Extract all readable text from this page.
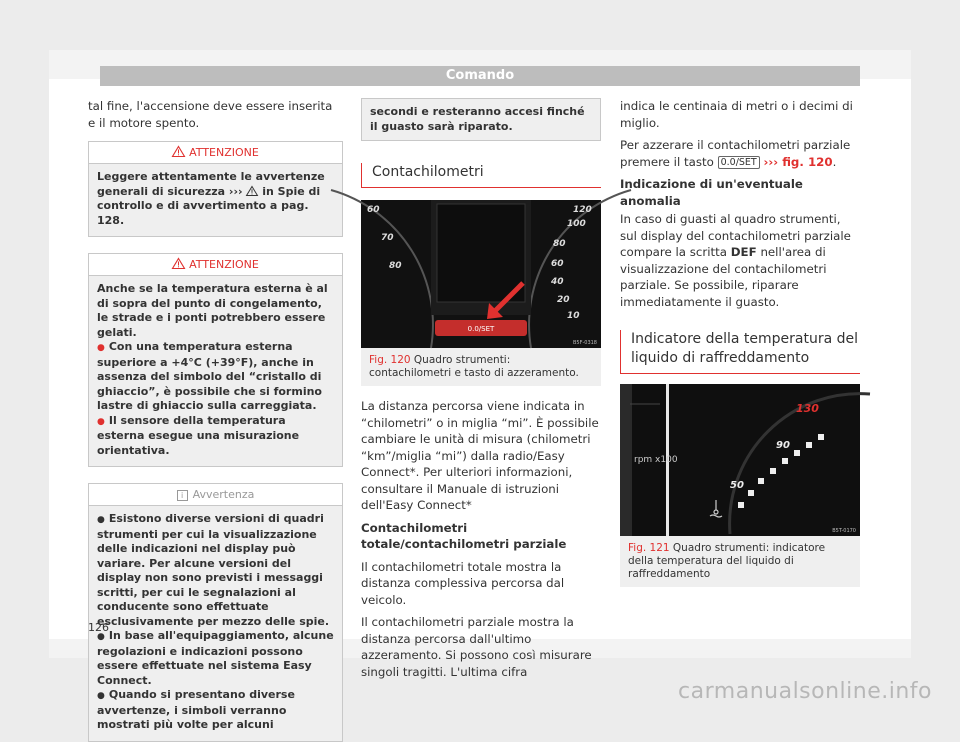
Comando

tal fine, l'accensione deve essere inserita e il motore spento.

ATTENZIONE
Leggere attentamente le avvertenze generali di sicurezza ››› in Spie di controllo e di avvertimento a pag. 128.
ATTENZIONE
Anche se la temperatura esterna è al di sopra del punto di congelamento, le strade e i ponti potrebbero essere gelati.
● Con una temperatura esterna superiore a +4°C (+39°F), anche in assenza del simbolo del “cristallo di ghiaccio”, è possibile che si formino lastre di ghiaccio sulla carreggiata.
● Il sensore della temperatura esterna esegue una misurazione orientativa.
i Avvertenza
● Esistono diverse versioni di quadri strumenti per cui la visualizzazione delle indicazioni nel display può variare. Per alcune versioni del display non sono previsti i messaggi scritti, per cui le segnalazioni al conducente sono effettuate esclusivamente per mezzo delle spie.
● In base all'equipaggiamento, alcune regolazioni e indicazioni possono essere effettuate nel sistema Easy Connect.
● Quando si presentano diverse avvertenze, i simboli verranno mostrati più volte per alcuni
secondi e resteranno accesi finché il guasto sarà riparato.
Contachilometri
60
70
80
120
100
80
60
40
20
10
0.0/SET
B5F-0318
Fig. 120 Quadro strumenti: contachilometri e tasto di azzeramento.

La distanza percorsa viene indicata in “chilometri” o in miglia “mi”. È possibile cambiare le unità di misura (chilometri “km”/miglia “mi”) dalla radio/Easy Connect*. Per ulteriori informazioni, consultare il Manuale di istruzioni dell'Easy Connect*

Contachilometri totale/contachilometri parziale

Il contachilometri totale mostra la distanza complessiva percorsa dal veicolo.

Il contachilometri parziale mostra la distanza percorsa dall'ultimo azzeramento. Si possono così misurare singoli tragitti. L'ultima cifra

indica le centinaia di metri o i decimi di miglio.

Per azzerare il contachilometri parziale premere il tasto 0.0/SET ››› fig. 120.

Indicazione di un'eventuale anomalia

In caso di guasti al quadro strumenti, sul display del contachilometri parziale compare la scritta DEF nell'area di visualizzazione del contachilometri parziale. Se possibile, riparare immediatamente il guasto.

Indicatore della temperatura del liquido di raffreddamento
rpm x100
130
90
50
B5T-0170
Fig. 121 Quadro strumenti: indicatore della temperatura del liquido di raffreddamento
126
carmanualsonline.info
